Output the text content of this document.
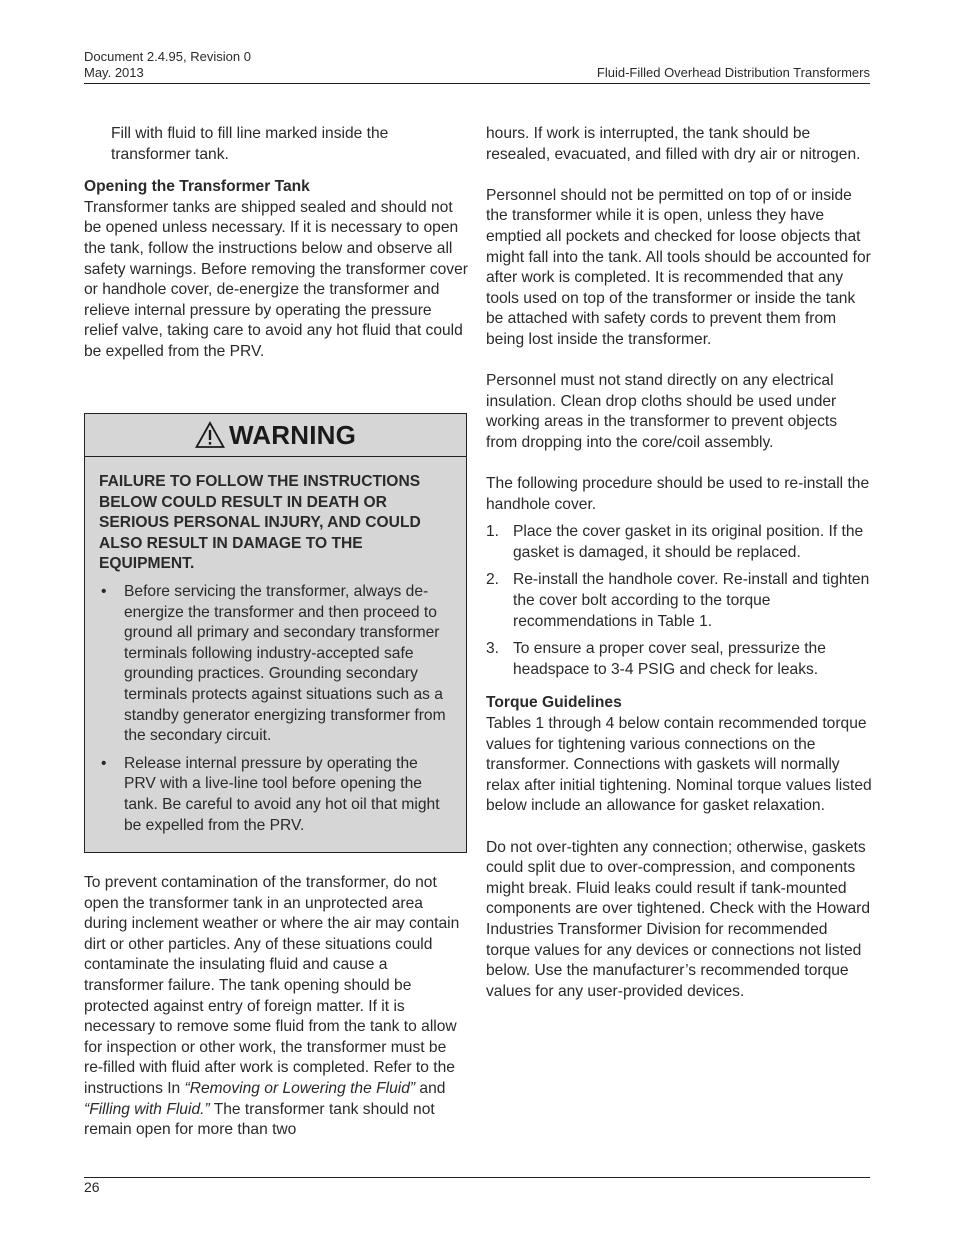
Document 2.4.95, Revision 0
May. 2013	Fluid-Filled Overhead Distribution Transformers

Fill with fluid to fill line marked inside the transformer tank.

Opening the Transformer Tank

Transformer tanks are shipped sealed and should not be opened unless necessary. If it is necessary to open the tank, follow the instructions below and observe all safety warnings. Before removing the transformer cover or handhole cover, de-energize the transformer and relieve internal pressure by operating the pressure relief valve, taking care to avoid any hot fluid that could be expelled from the PRV.

WARNING

FAILURE TO FOLLOW THE INSTRUCTIONS BELOW COULD RESULT IN DEATH OR SERIOUS PERSONAL INJURY, AND COULD ALSO RESULT IN DAMAGE TO THE EQUIPMENT.

• Before servicing the transformer, always de-energize the transformer and then proceed to ground all primary and secondary transformer terminals following industry-accepted safe grounding practices. Grounding secondary terminals protects against situations such as a standby generator energizing transformer from the secondary circuit.
• Release internal pressure by operating the PRV with a live-line tool before opening the tank. Be careful to avoid any hot oil that might be expelled from the PRV.

To prevent contamination of the transformer, do not open the transformer tank in an unprotected area during inclement weather or where the air may contain dirt or other particles. Any of these situations could contaminate the insulating fluid and cause a transformer failure. The tank opening should be protected against entry of foreign matter. If it is necessary to remove some fluid from the tank to allow for inspection or other work, the transformer must be re-filled with fluid after work is completed. Refer to the instructions In “Removing or Lowering the Fluid” and “Filling with Fluid.” The transformer tank should not remain open for more than two

hours. If work is interrupted, the tank should be resealed, evacuated, and filled with dry air or nitrogen.

Personnel should not be permitted on top of or inside the transformer while it is open, unless they have emptied all pockets and checked for loose objects that might fall into the tank. All tools should be accounted for after work is completed. It is recommended that any tools used on top of the transformer or inside the tank be attached with safety cords to prevent them from being lost inside the transformer.

Personnel must not stand directly on any electrical insulation. Clean drop cloths should be used under working areas in the transformer to prevent objects from dropping into the core/coil assembly.

The following procedure should be used to re-install the handhole cover.

1. Place the cover gasket in its original position. If the gasket is damaged, it should be replaced.
2. Re-install the handhole cover. Re-install and tighten the cover bolt according to the torque recommendations in Table 1.
3. To ensure a proper cover seal, pressurize the headspace to 3-4 PSIG and check for leaks.

Torque Guidelines

Tables 1 through 4 below contain recommended torque values for tightening various connections on the transformer. Connections with gaskets will normally relax after initial tightening. Nominal torque values listed below include an allowance for gasket relaxation.

Do not over-tighten any connection; otherwise, gaskets could split due to over-compression, and components might break. Fluid leaks could result if tank-mounted components are over tightened. Check with the Howard Industries Transformer Division for recommended torque values for any devices or connections not listed below. Use the manufacturer’s recommended torque values for any user-provided devices.

26
